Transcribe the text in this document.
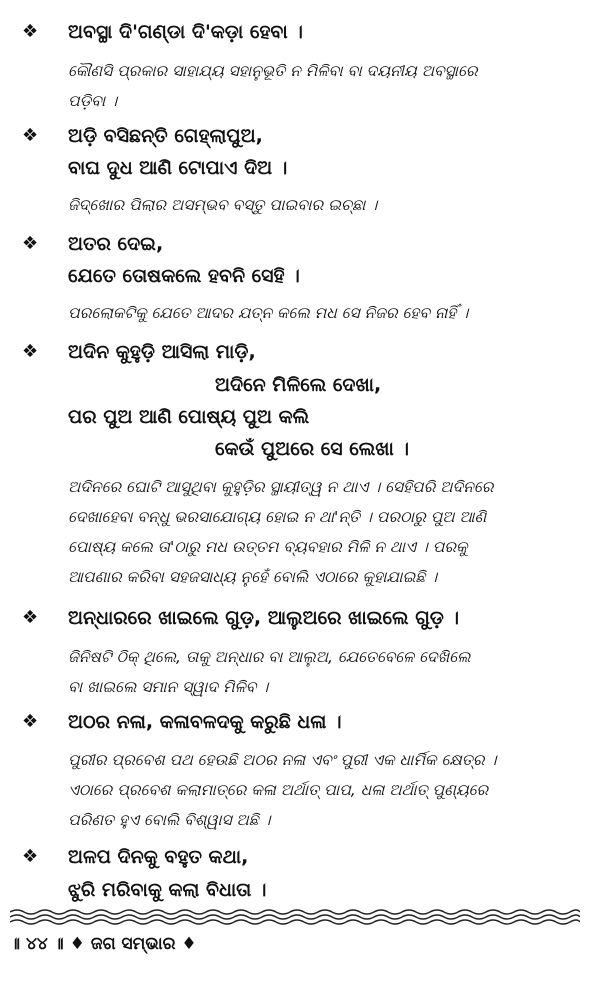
❖ ଅବସ୍ଥା ଦି'ଗଣ୍ଡା ଦି'କଡ଼ା ହେବା ।

କୌଣସି ପ୍ରକାର ସାହାଯ୍ୟ ସହାନୁଭୂତି ନ ମିଳିବା ବା ଦୟନୀୟ ଅବସ୍ଥାରେ

ପଡ଼ିବା ।

❖ ଅଡ଼ି ବସିଛନ୍ତି ଗେହ୍ଲାପୁଅ,
ବାଘ ଦୁଧ ଆଣି ଟୋପାଏ ଦିଅ ।

ଜିଦ୍‌ଖୋର ପିଲାର ଅସମ୍ଭବ ବସ୍ତୁ ପାଇବାର ଇଚ୍ଛା ।

❖ ଅତର ଦେଇ,
ଯେତେ ତୋଷକଲେ ହବନି ସେହି ।

ପରଲୋକଟିକୁ ଯେତେ ଆଦର ଯତ୍ନ କଲେ ମଧ ସେ ନିଜର ହେବ ନାହିଁ ।

❖ ଅଦିନ କୁହୁଡ଼ି ଆସିଲା ମାଡ଼ି,
ଅଦିନେ ମିଳିଲେ ଦେଖା,
ପର ପୁଅ ଆଣି ପୋଷ୍ୟ ପୁଅ କଲି
କେଉଁ ପୁଅରେ ସେ ଲେଖା ।

ଅଦିନରେ ଘୋଟି ଆସୁଥିବା କୁହୁଡ଼ିର ସ୍ଥାୟୀତ୍ୱ ନ ଥାଏ । ସେହିପରି ଅଦିନରେ

ଦେଖାହେବା ବନ୍ଧୁ ଭରସାଯୋଗ୍ୟ ହୋଇ ନ ଥା'ନ୍ତି । ପରଠାରୁ ପୁଅ ଆଣି

ପୋଷ୍ୟ କଲେ ତା'ଠାରୁ ମଧ ଉତ୍ତମ ବ୍ୟବହାର ମିଳି ନ ଥାଏ । ପରକୁ

ଆପଣାର କରିବା ସହଜସାଧ୍ୟ ନୁହେଁ ବୋଲି ଏଠାରେ କୁହାଯାଇଛି ।

❖ ଅନ୍ଧାରରେ ଖାଇଲେ ଗୁଡ଼, ଆଲୁଅରେ ଖାଇଲେ ଗୁଡ଼ ।

ଜିନିଷଟି ଠିକ୍ ଥିଲେ, ତାକୁ ଅନ୍ଧାର ବା ଆଲୁଅ, ଯେତେବେଳେ ଦେଖିଲେ

ବା ଖାଇଲେ ସମାନ ସ୍ୱାଦ ମିଳିବ ।

❖ ଅଠର ନଳା, କଳାବଳଦକୁ କରୁଛି ଧଳା ।

ପୁରୀର ପ୍ରବେଶ ପଥ ହେଉଛି ଅଠର ନଳା ଏବଂ ପୁରୀ ଏକ ଧାର୍ମିକ କ୍ଷେତ୍ର ।

ଏଠାରେ ପ୍ରବେଶ କଲାମାତ୍ରେ କଳା ଅର୍ଥାତ୍ ପାପ, ଧଳା ଅର୍ଥାତ୍ ପୁଣ୍ୟରେ

ପରିଣତ ହୁଏ ବୋଲି ବିଶ୍ୱାସ ଅଛି ।

❖ ଅଳପ ଦିନକୁ ବହୁତ କଥା,
ଝୁରି ମରିବାକୁ କଲା ବିଧାତା ।
॥ ୪୪ ॥ ♦ ଜଗ ସମ୍ଭାର ♦
